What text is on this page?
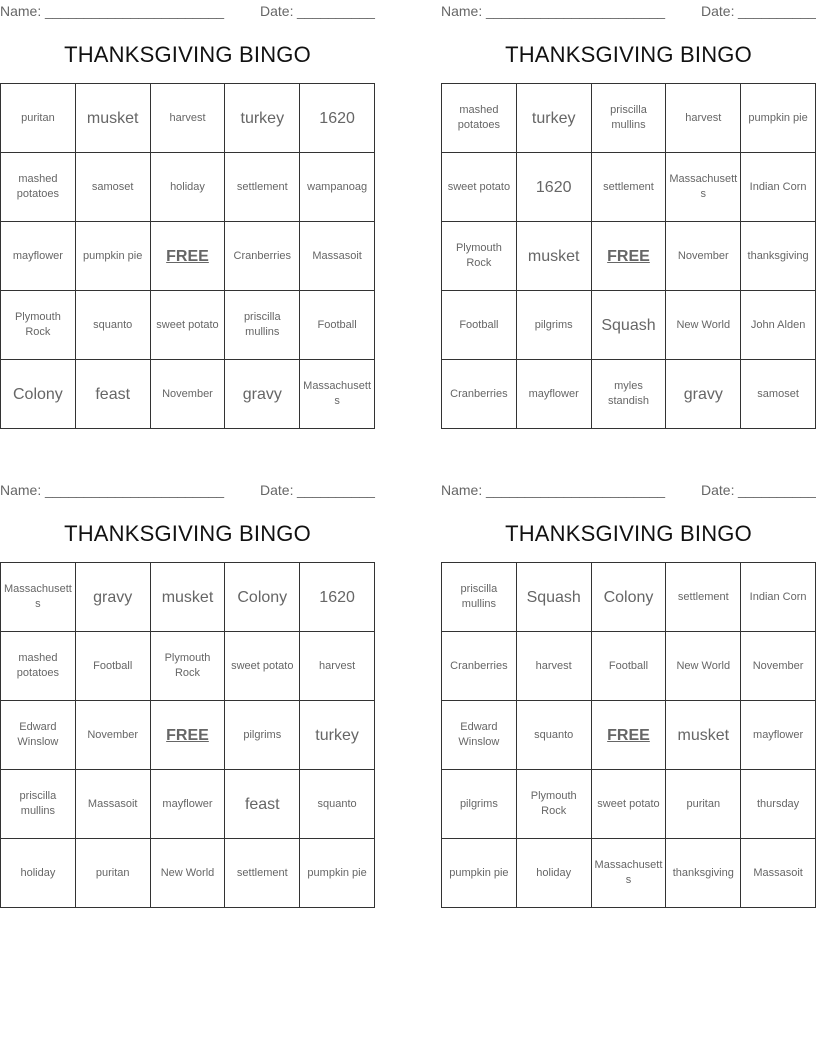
Name: _______________________	Date: __________
THANKSGIVING BINGO
puritan	musket	harvest	turkey	1620
mashed potatoes	samoset	holiday	settlement	wampanoag
mayflower	pumpkin pie	FREE	Cranberries	Massasoit
Plymouth Rock	squanto	sweet potato	priscilla mullins	Football
Colony	feast	November	gravy	Massachusetts
Name: _______________________	Date: __________
THANKSGIVING BINGO
mashed potatoes	turkey	priscilla mullins	harvest	pumpkin pie
sweet potato	1620	settlement	Massachusetts	Indian Corn
Plymouth Rock	musket	FREE	November	thanksgiving
Football	pilgrims	Squash	New World	John Alden
Cranberries	mayflower	myles standish	gravy	samoset
Name: _______________________	Date: __________
THANKSGIVING BINGO
Massachusetts	gravy	musket	Colony	1620
mashed potatoes	Football	Plymouth Rock	sweet potato	harvest
Edward Winslow	November	FREE	pilgrims	turkey
priscilla mullins	Massasoit	mayflower	feast	squanto
holiday	puritan	New World	settlement	pumpkin pie
Name: _______________________	Date: __________
THANKSGIVING BINGO
priscilla mullins	Squash	Colony	settlement	Indian Corn
Cranberries	harvest	Football	New World	November
Edward Winslow	squanto	FREE	musket	mayflower
pilgrims	Plymouth Rock	sweet potato	puritan	thursday
pumpkin pie	holiday	Massachusetts	thanksgiving	Massasoit
